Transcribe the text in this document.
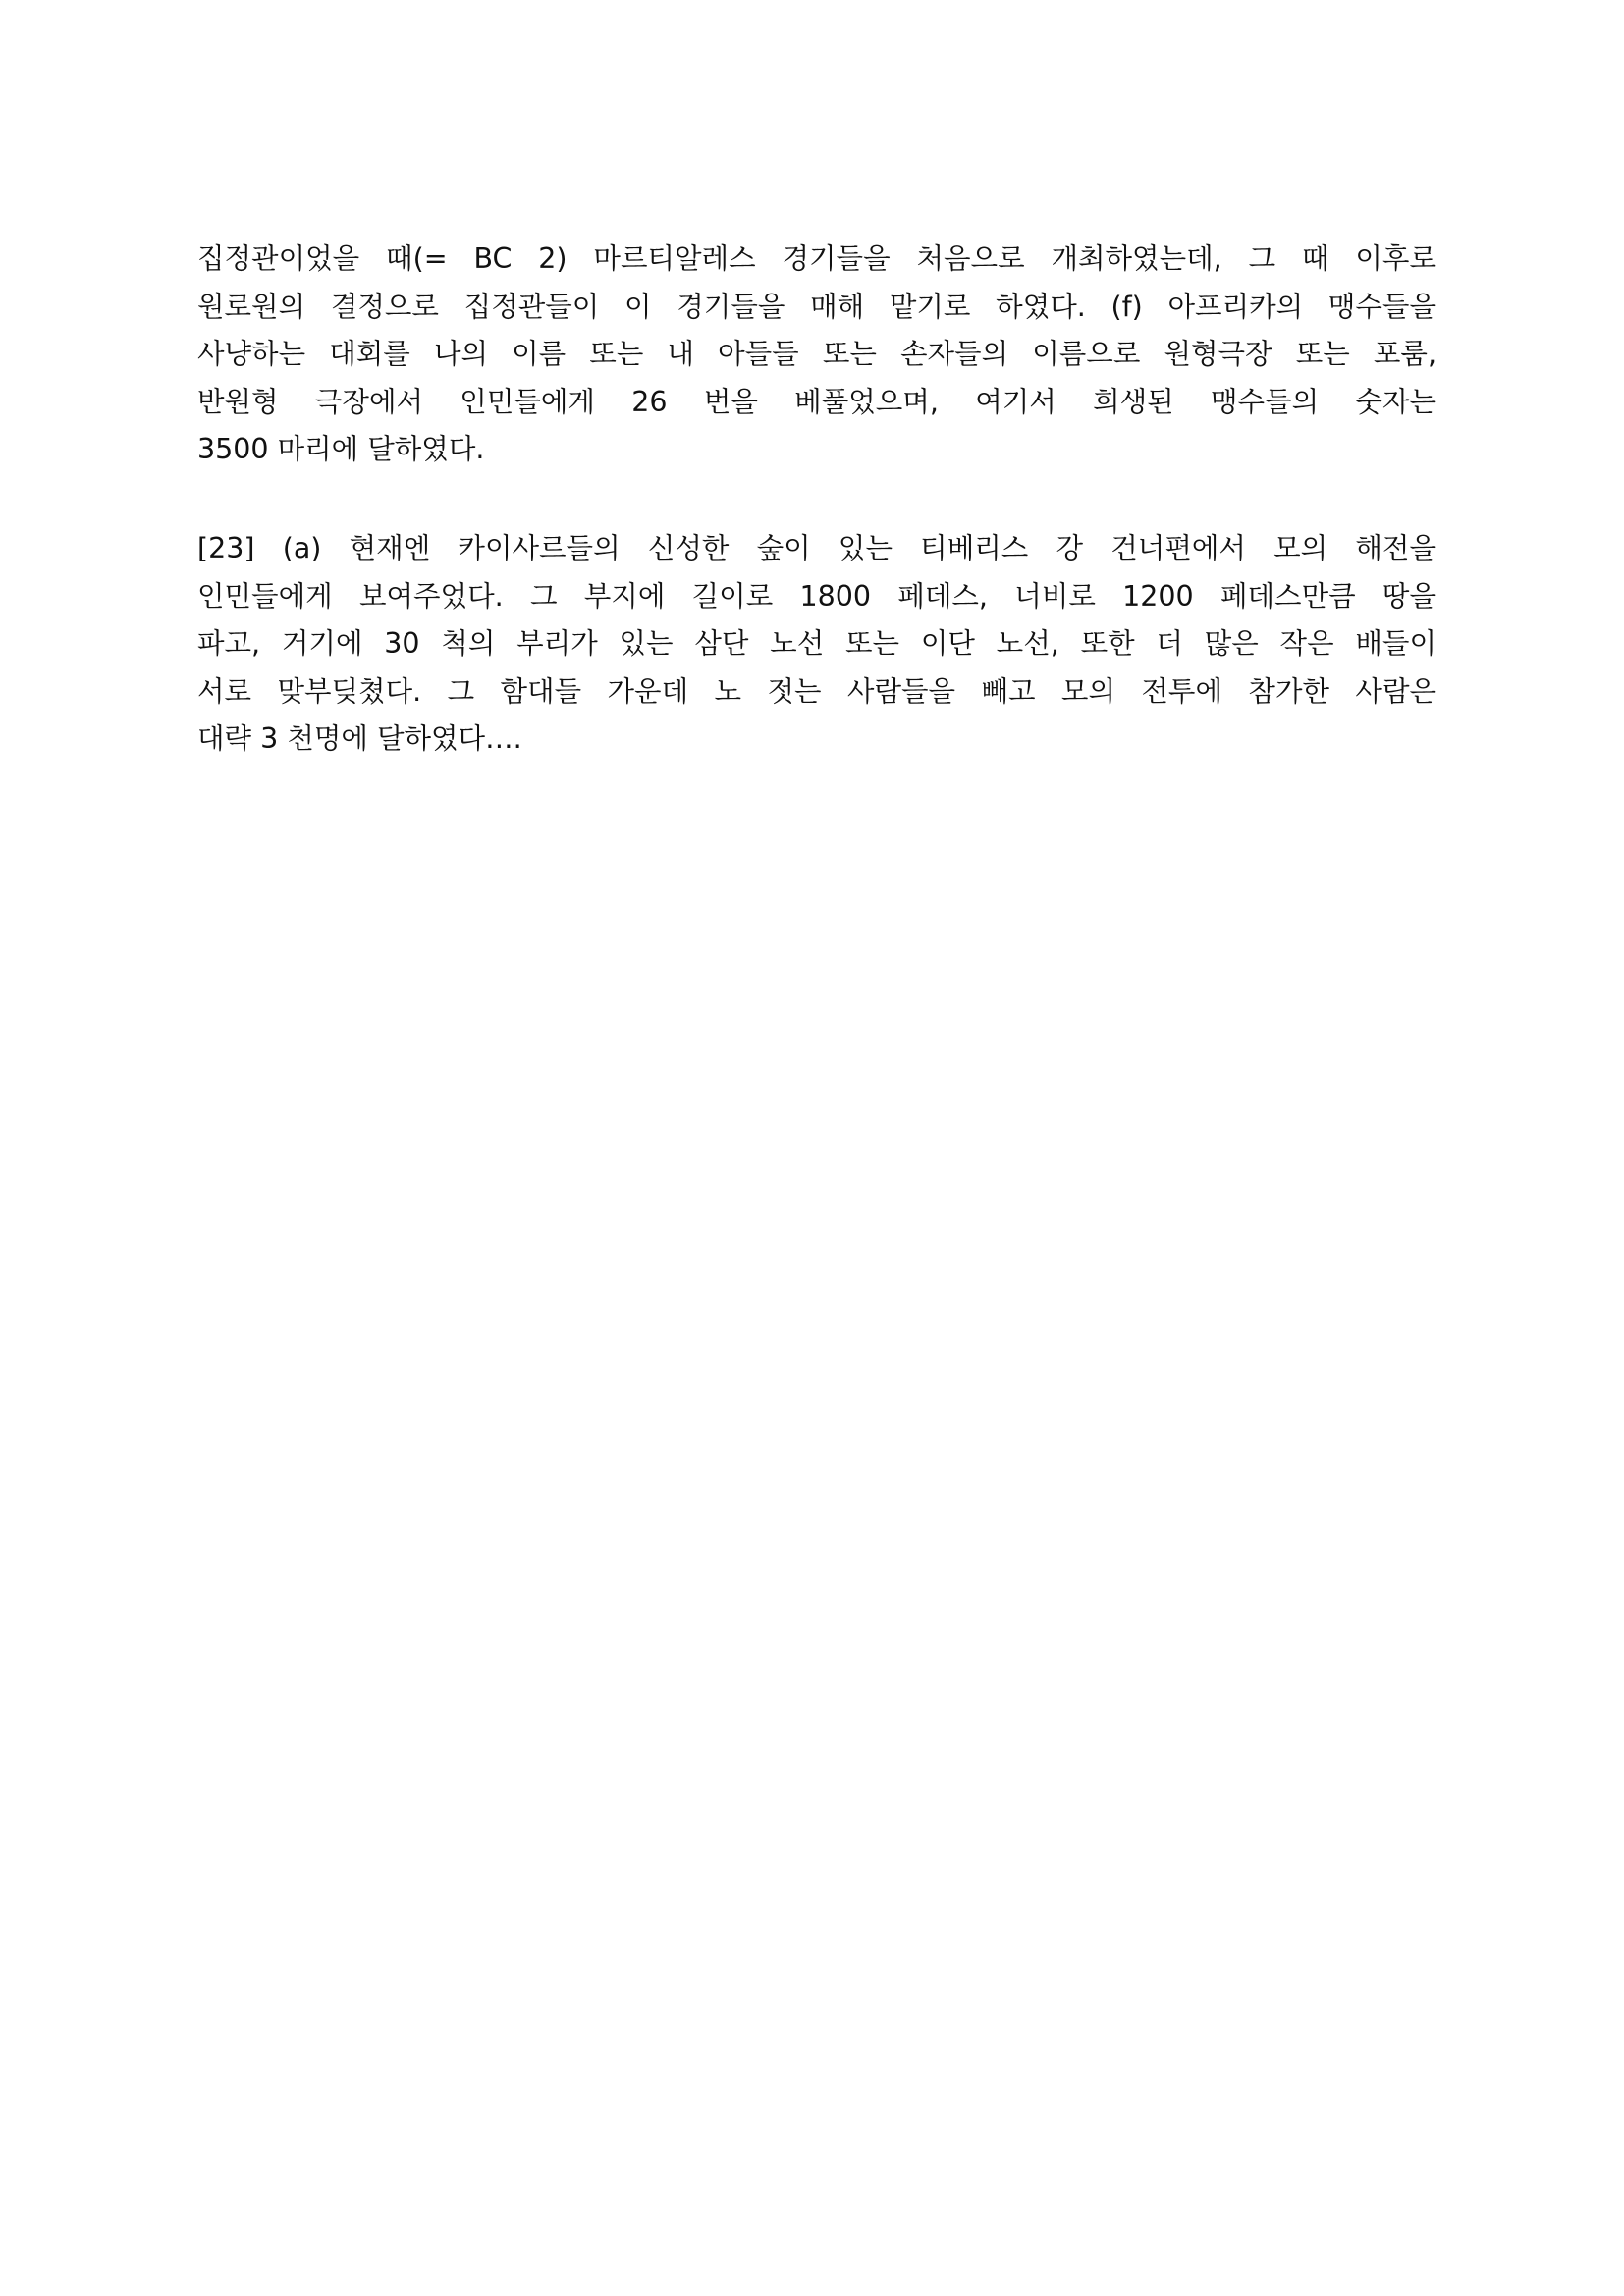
집정관이었을 때(= BC 2) 마르티알레스 경기들을 처음으로 개최하였는데, 그 때 이후로
원로원의 결정으로 집정관들이 이 경기들을 매해 맡기로 하였다. (f) 아프리카의 맹수들을
사냥하는 대회를 나의 이름 또는 내 아들들 또는 손자들의 이름으로 원형극장 또는 포룸,
반원형 극장에서 인민들에게 26 번을 베풀었으며, 여기서 희생된 맹수들의 숫자는
3500 마리에 달하였다.
[23] (a) 현재엔 카이사르들의 신성한 숲이 있는 티베리스 강 건너편에서 모의 해전을
인민들에게 보여주었다. 그 부지에 길이로 1800 페데스, 너비로 1200 페데스만큼 땅을
파고, 거기에 30 척의 부리가 있는 삼단 노선 또는 이단 노선, 또한 더 많은 작은 배들이
서로 맞부딪쳤다. 그 함대들 가운데 노 젓는 사람들을 빼고 모의 전투에 참가한 사람은
대략 3 천명에 달하였다….
